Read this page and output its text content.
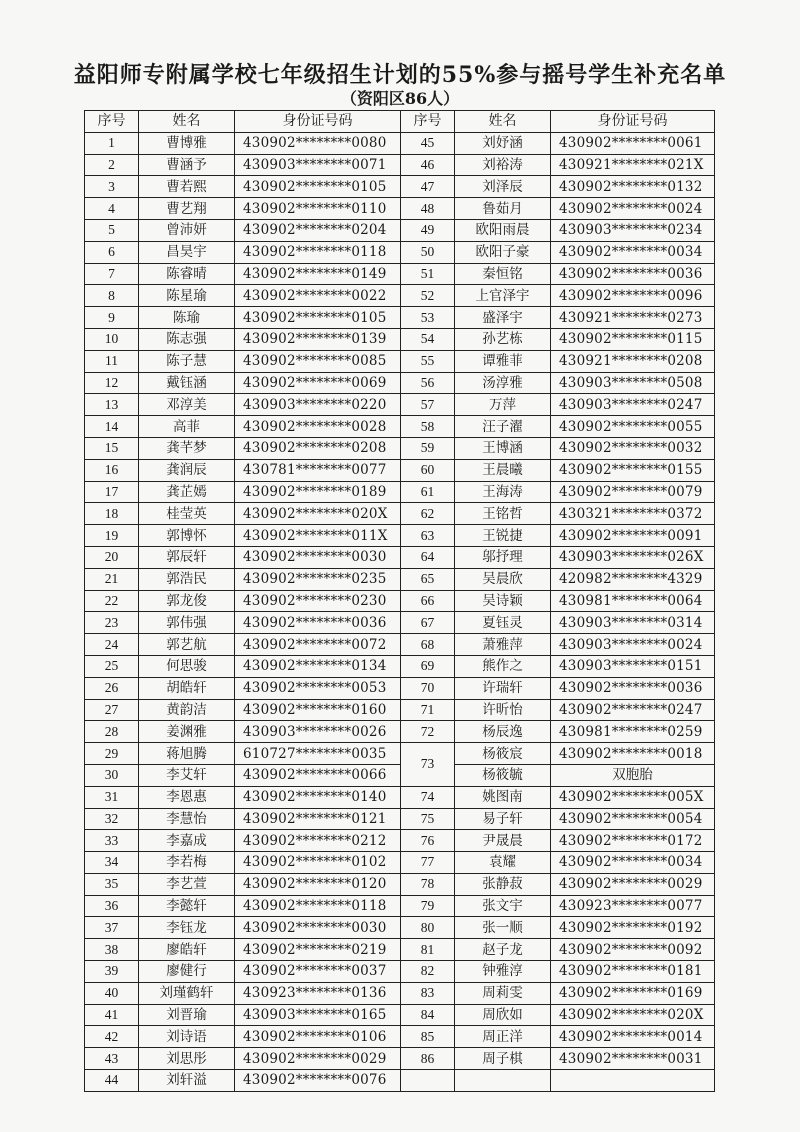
益阳师专附属学校七年级招生计划的55%参与摇号学生补充名单
（资阳区86人）
序号	姓名	身份证号码	序号	姓名	身份证号码
1	曹博雅	430902********0080	45	刘妤涵	430902********0061
2	曹涵予	430903********0071	46	刘裕涛	430921********021X
3	曹若熙	430902********0105	47	刘泽辰	430902********0132
4	曹艺翔	430902********0110	48	鲁茹月	430902********0024
5	曾沛妍	430902********0204	49	欧阳雨晨	430903********0234
6	昌昊宇	430902********0118	50	欧阳子豪	430902********0034
7	陈睿晴	430902********0149	51	秦恒铭	430902********0036
8	陈星瑜	430902********0022	52	上官泽宇	430902********0096
9	陈瑜	430902********0105	53	盛泽宇	430921********0273
10	陈志强	430902********0139	54	孙艺栋	430902********0115
11	陈子慧	430902********0085	55	谭雅菲	430921********0208
12	戴钰涵	430902********0069	56	汤淳雅	430903********0508
13	邓淳美	430903********0220	57	万萍	430903********0247
14	高菲	430902********0028	58	汪子濯	430902********0055
15	龚芊梦	430902********0208	59	王博涵	430902********0032
16	龚润辰	430781********0077	60	王晨曦	430902********0155
17	龚芷嫣	430902********0189	61	王海涛	430902********0079
18	桂莹英	430902********020X	62	王铭哲	430321********0372
19	郭博怀	430902********011X	63	王锐捷	430902********0091
20	郭辰轩	430902********0030	64	邬抒理	430903********026X
21	郭浩民	430902********0235	65	吴晨欣	420982********4329
22	郭龙俊	430902********0230	66	吴诗颖	430981********0064
23	郭伟强	430902********0036	67	夏钰灵	430903********0314
24	郭艺航	430902********0072	68	萧雅萍	430903********0024
25	何思骏	430902********0134	69	熊作之	430903********0151
26	胡皓轩	430902********0053	70	许瑞轩	430902********0036
27	黄韵洁	430902********0160	71	许昕怡	430902********0247
28	姜渊雅	430903********0026	72	杨辰逸	430981********0259
29	蒋旭腾	610727********0035	73	杨筱宸	430902********0018
30	李艾轩	430902********0066		杨筱毓	双胞胎
31	李恩惠	430902********0140	74	姚图南	430902********005X
32	李慧怡	430902********0121	75	易子轩	430902********0054
33	李嘉成	430902********0212	76	尹晟晨	430902********0172
34	李若梅	430902********0102	77	袁耀	430902********0034
35	李艺萱	430902********0120	78	张静菽	430902********0029
36	李懿轩	430902********0118	79	张文宇	430923********0077
37	李钰龙	430902********0030	80	张一顺	430902********0192
38	廖皓轩	430902********0219	81	赵子龙	430902********0092
39	廖健行	430902********0037	82	钟雅淳	430902********0181
40	刘瑾鹤轩	430923********0136	83	周莉雯	430902********0169
41	刘晋瑜	430903********0165	84	周欣如	430902********020X
42	刘诗语	430902********0106	85	周正洋	430902********0014
43	刘思彤	430902********0029	86	周子棋	430902********0031
44	刘轩溢	430902********0076			
